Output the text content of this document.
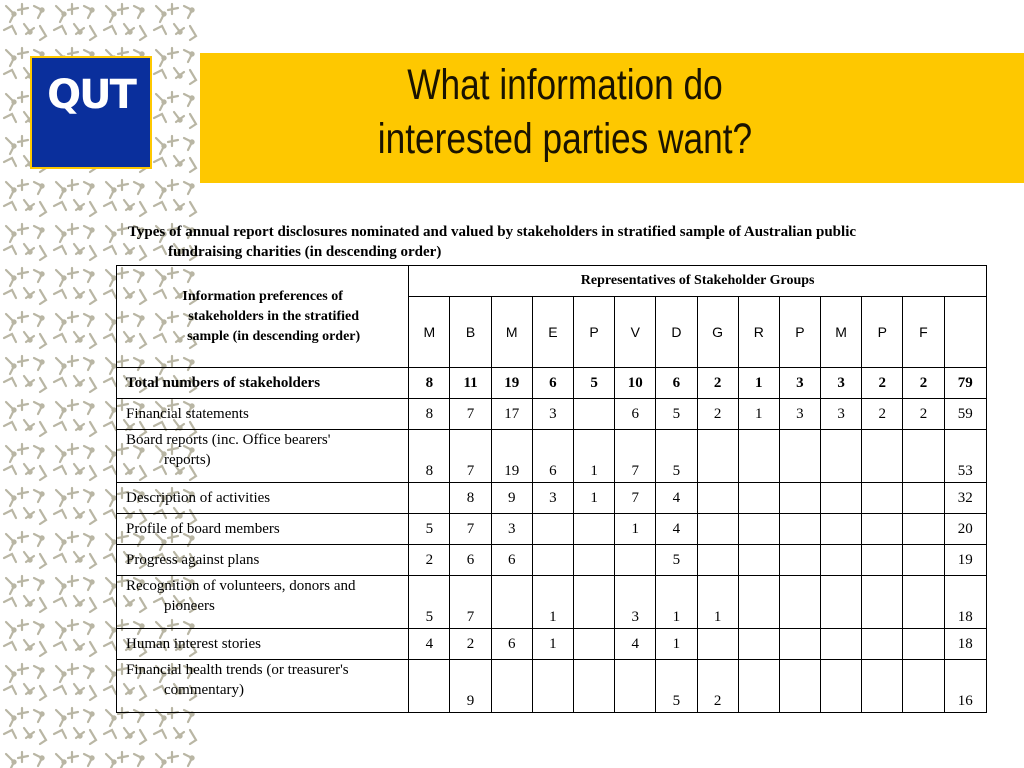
QUT	What information do
interested parties want?
Types of annual report disclosures nominated and valued by stakeholders in stratified sample of Australian public
fundraising charities (in descending order)
Information preferences of
stakeholders in the stratified
sample (in descending order)	Representatives of Stakeholder Groups													
	M	B	M	E	P	V	D	G	R	P	M	P	F	

Total numbers of stakeholders	8	11	19	6	5	10	6	2	1	3	3	2	2	79

Financial statements	8	7	17	3		6	5	2	1	3	3	2	2	59

Board reports (inc. Office bearers'
reports)	8	7	19	6	1	7	5							53

Description of activities		8	9	3	1	7	4							32

Profile of board members	5	7	3			1	4							20

Progress against plans	2	6	6				5							19

Recognition of volunteers, donors and
pioneers	5	7		1		3	1	1						18

Human interest stories	4	2	6	1		4	1							18

Financial health trends (or treasurer's
commentary)		9					5	2						16
